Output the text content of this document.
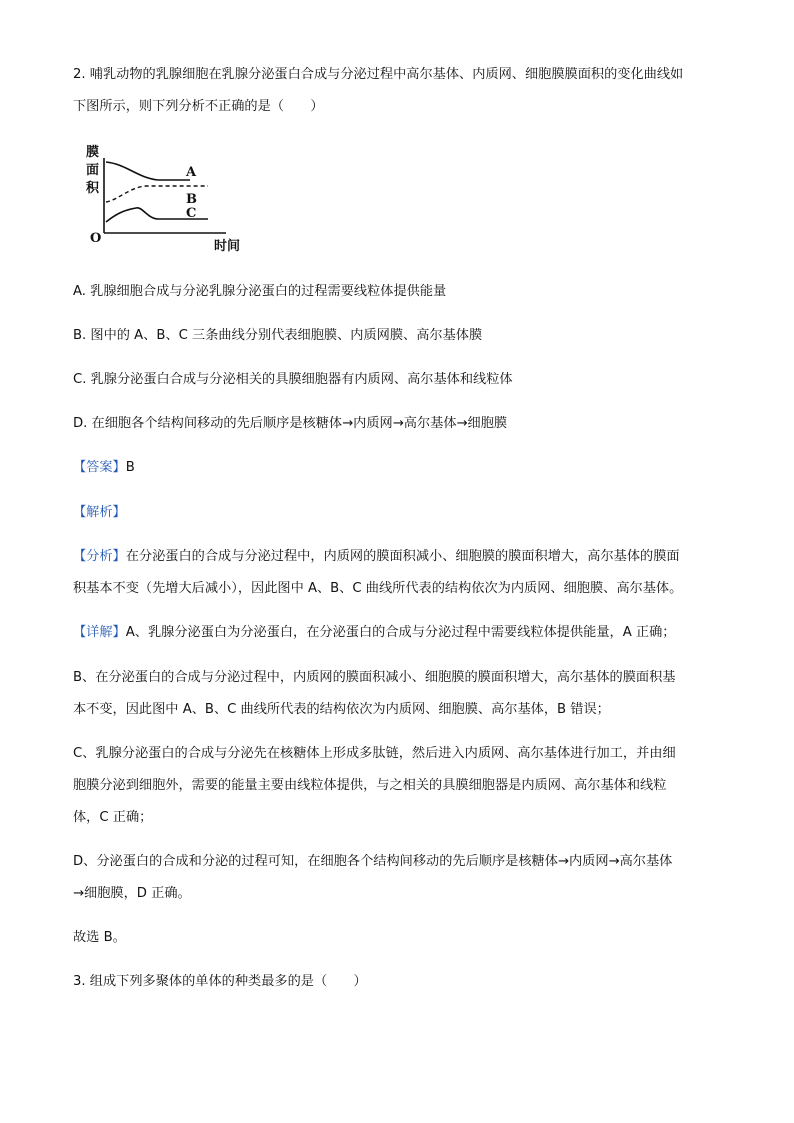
2. 哺乳动物的乳腺细胞在乳腺分泌蛋白合成与分泌过程中高尔基体、内质网、细胞膜膜面积的变化曲线如
下图所示，则下列分析不正确的是（　　）
膜
面
积
O
时间
A
B
C
A. 乳腺细胞合成与分泌乳腺分泌蛋白的过程需要线粒体提供能量
B. 图中的 A、B、C 三条曲线分别代表细胞膜、内质网膜、高尔基体膜
C. 乳腺分泌蛋白合成与分泌相关的具膜细胞器有内质网、高尔基体和线粒体
D. 在细胞各个结构间移动的先后顺序是核糖体→内质网→高尔基体→细胞膜
【答案】B
【解析】
【分析】在分泌蛋白的合成与分泌过程中，内质网的膜面积减小、细胞膜的膜面积增大，高尔基体的膜面
积基本不变（先增大后减小），因此图中 A、B、C 曲线所代表的结构依次为内质网、细胞膜、高尔基体。
【详解】A、乳腺分泌蛋白为分泌蛋白，在分泌蛋白的合成与分泌过程中需要线粒体提供能量，A 正确；
B、在分泌蛋白的合成与分泌过程中，内质网的膜面积减小、细胞膜的膜面积增大，高尔基体的膜面积基
本不变，因此图中 A、B、C 曲线所代表的结构依次为内质网、细胞膜、高尔基体，B 错误；
C、乳腺分泌蛋白的合成与分泌先在核糖体上形成多肽链，然后进入内质网、高尔基体进行加工，并由细
胞膜分泌到细胞外，需要的能量主要由线粒体提供，与之相关的具膜细胞器是内质网、高尔基体和线粒
体，C 正确；
D、分泌蛋白的合成和分泌的过程可知，在细胞各个结构间移动的先后顺序是核糖体→内质网→高尔基体
→细胞膜，D 正确。
故选 B。
3. 组成下列多聚体的单体的种类最多的是（　　）
